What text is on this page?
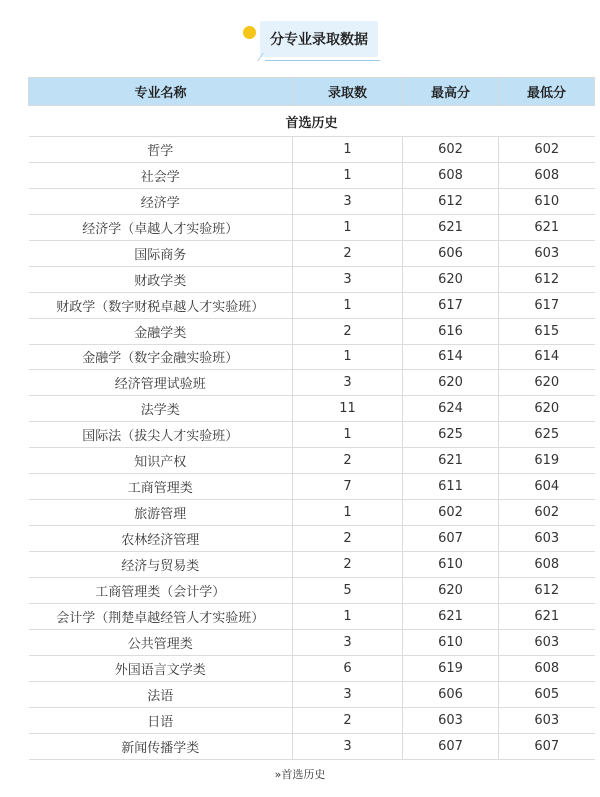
分专业录取数据
专业名称	录取数	最高分	最低分
首选历史			
哲学	1	602	602
社会学	1	608	608
经济学	3	612	610
经济学（卓越人才实验班）	1	621	621
国际商务	2	606	603
财政学类	3	620	612
财政学（数字财税卓越人才实验班）	1	617	617
金融学类	2	616	615
金融学（数字金融实验班）	1	614	614
经济管理试验班	3	620	620
法学类	11	624	620
国际法（拔尖人才实验班）	1	625	625
知识产权	2	621	619
工商管理类	7	611	604
旅游管理	1	602	602
农林经济管理	2	607	603
经济与贸易类	2	610	608
工商管理类（会计学）	5	620	612
会计学（荆楚卓越经管人才实验班）	1	621	621
公共管理类	3	610	603
外国语言文学类	6	619	608
法语	3	606	605
日语	2	603	603
新闻传播学类	3	607	607
»首选历史
